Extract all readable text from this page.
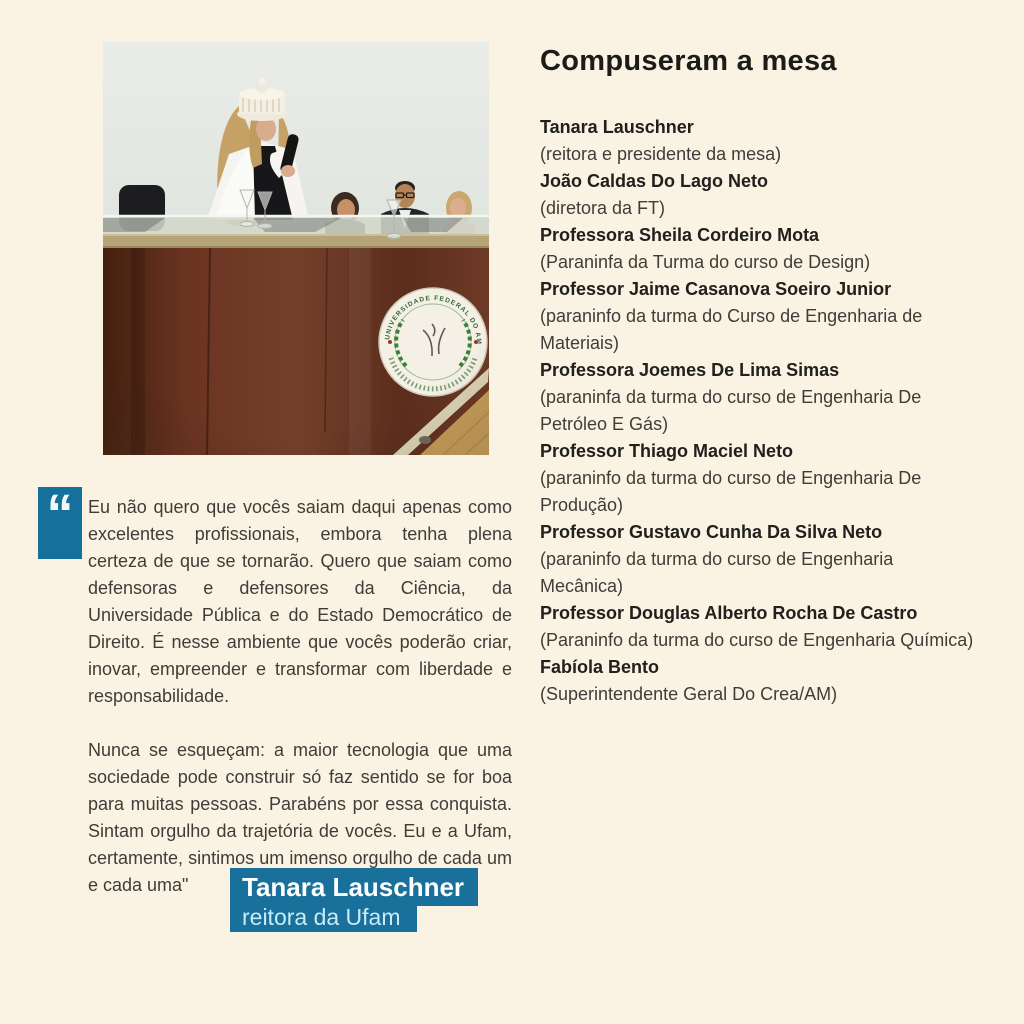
“ Eu não quero que vocês saiam daqui apenas como excelentes profissionais, embora tenha plena certeza de que se tornarão. Quero que saiam como defensoras e defensores da Ciência, da Universidade Pública e do Estado Democrático de Direito. É nesse ambiente que vocês poderão criar, inovar, empreender e transformar com liberdade e responsabilidade.

Nunca se esqueçam: a maior tecnologia que uma sociedade pode construir só faz sentido se for boa para muitas pessoas. Parabéns por essa conquista. Sintam orgulho da trajetória de vocês. Eu e a Ufam, certamente, sintimos um imenso orgulho de cada um e cada uma"	Tanara Lauschner
reitora da Ufam
Compuseram a mesa
Tanara Lauschner
(reitora e presidente da mesa)
João Caldas Do Lago Neto
(diretora da FT)
Professora Sheila Cordeiro Mota
(Paraninfa da Turma do curso de Design)
Professor Jaime Casanova Soeiro Junior
(paraninfo da turma do Curso de Engenharia de Materiais)
Professora Joemes De Lima Simas
(paraninfa da turma do curso de Engenharia De Petróleo E Gás)
Professor Thiago Maciel Neto
(paraninfo da turma do curso de Engenharia De Produção)
Professor Gustavo Cunha Da Silva Neto
(paraninfo da turma do curso de Engenharia Mecânica)
Professor Douglas Alberto Rocha De Castro
(Paraninfo da turma do curso de Engenharia Química)
Fabíola Bento
(Superintendente Geral Do Crea/AM)
